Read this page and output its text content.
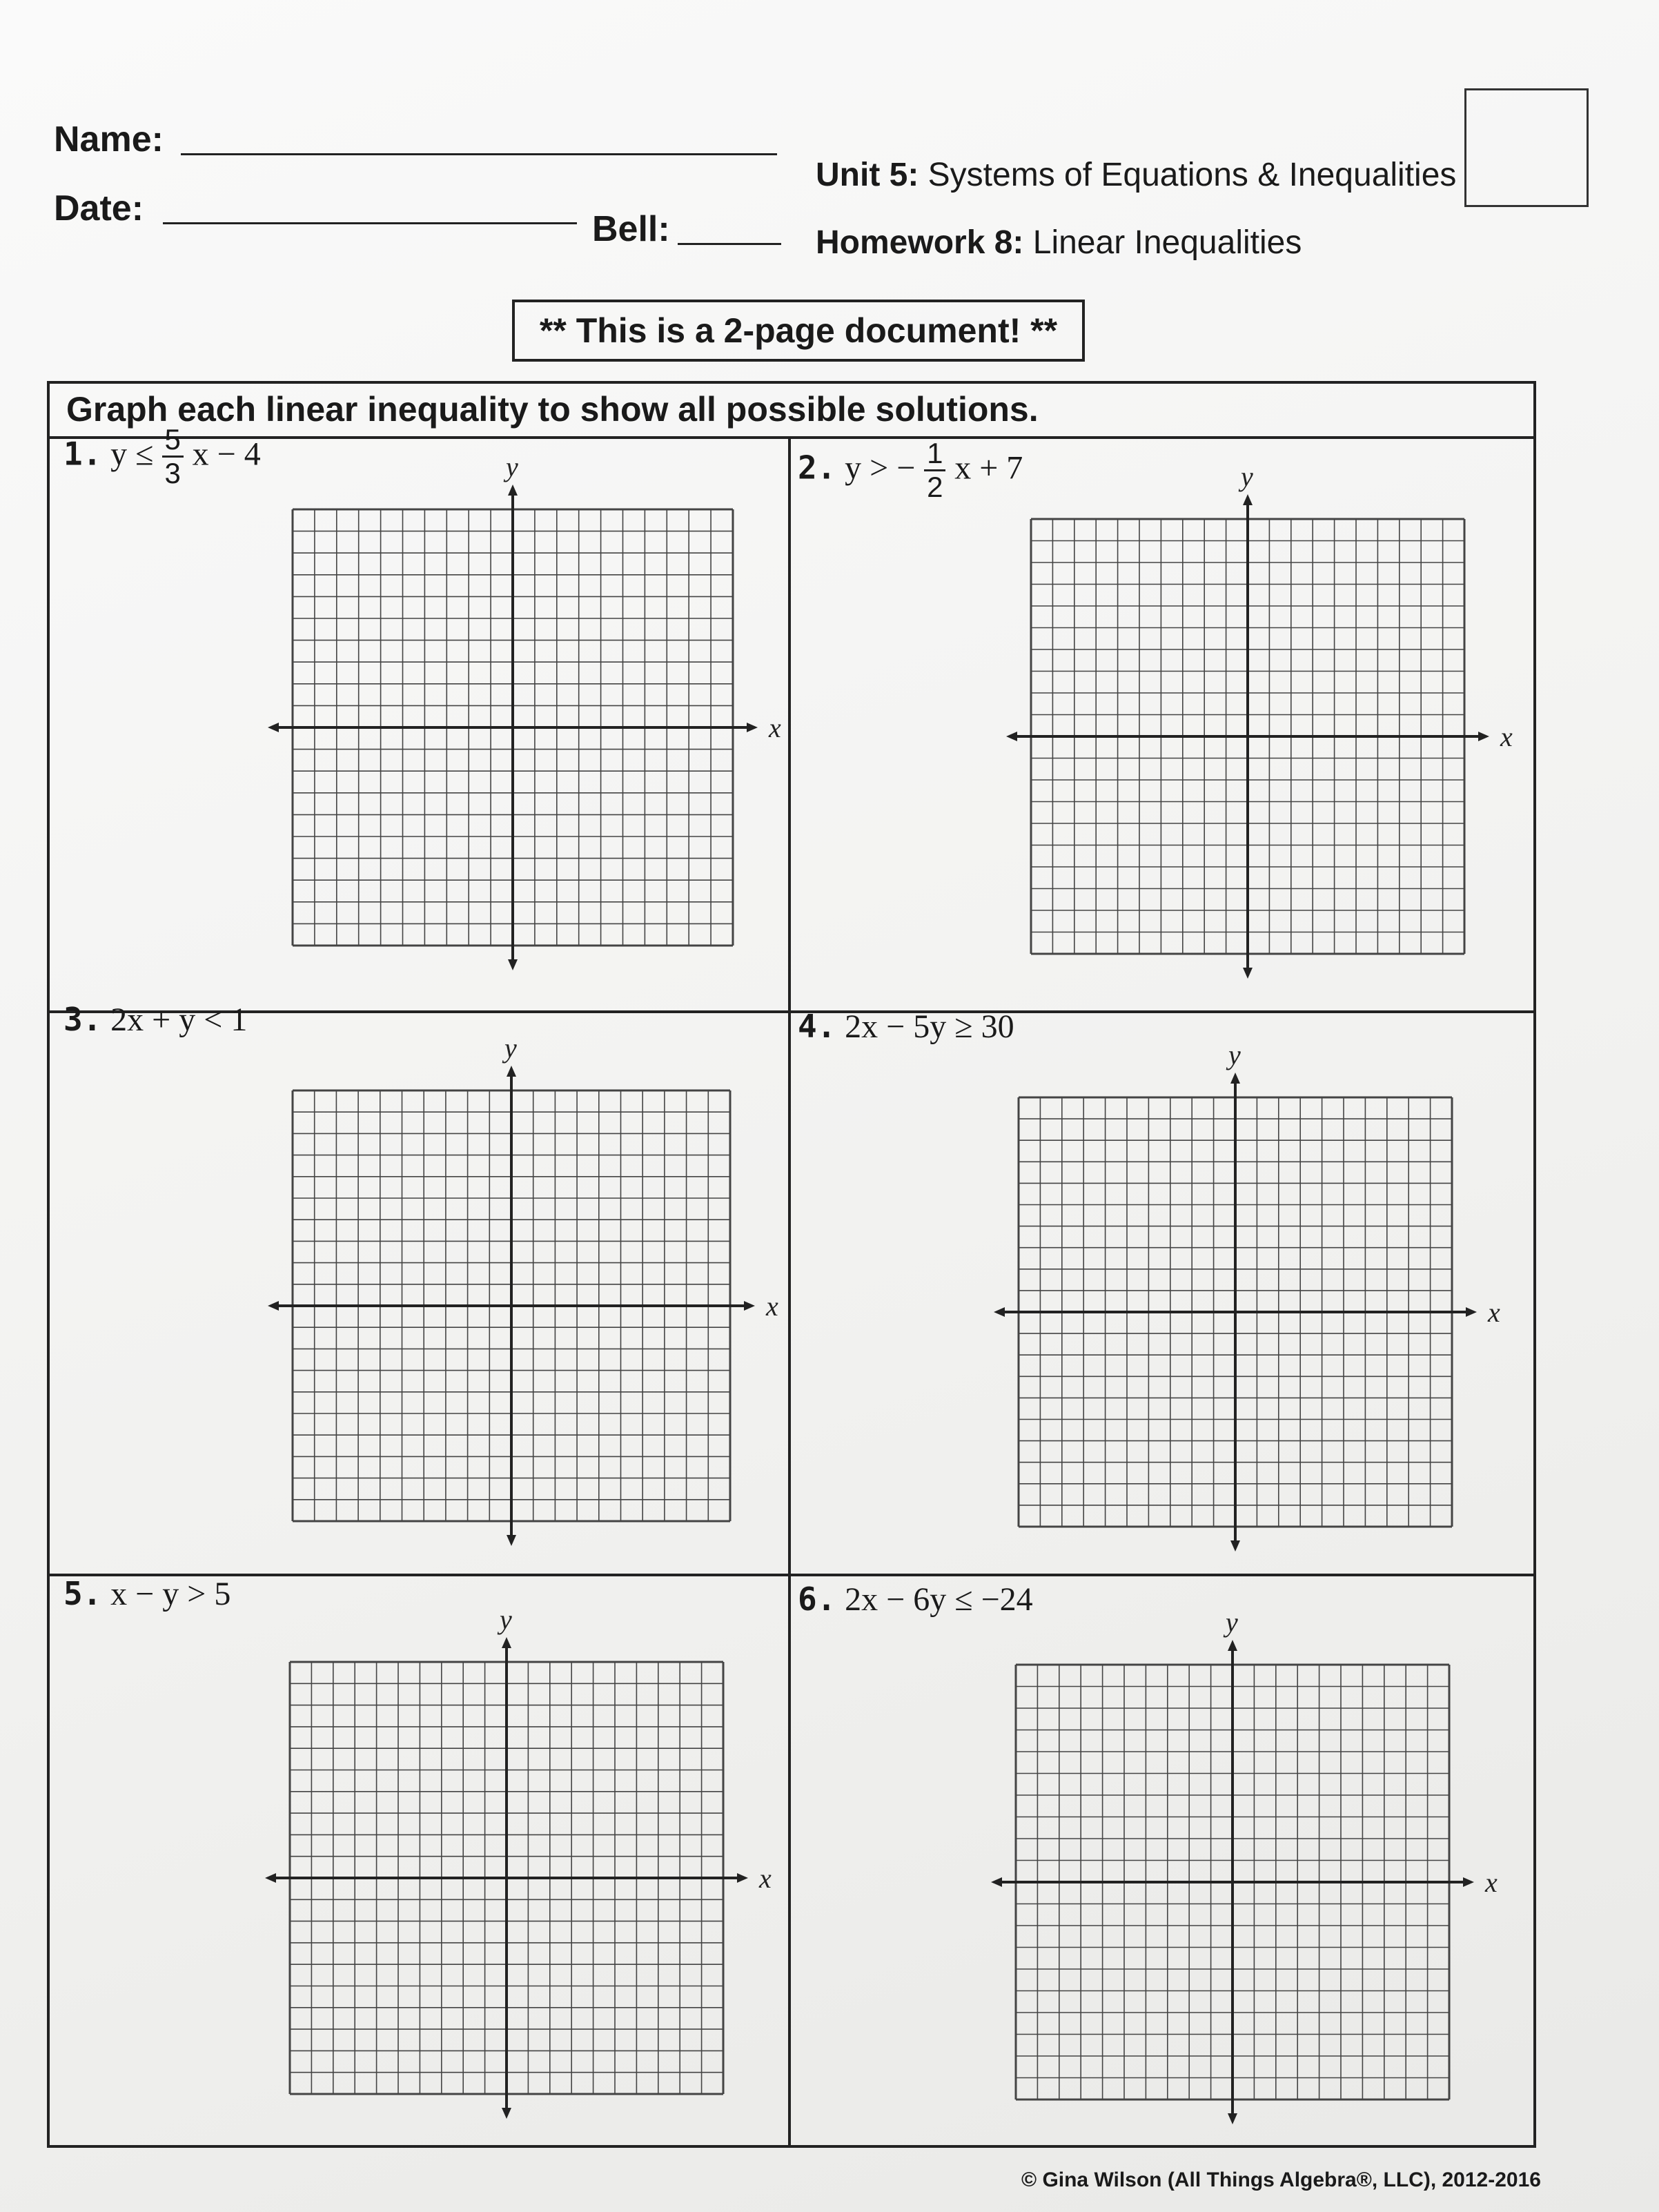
Name:
Date:
Bell:
Unit 5: Systems of Equations & Inequalities
Homework 8: Linear Inequalities
** This is a 2-page document! **
Graph each linear inequality to show all possible solutions.
1. $y \le \frac{5}{3}$ x − 4	2. y > − $\frac{1}{2}$ x + 7
3. 2x + y < 1	4. 2x − 5y ≥ 30
5. x − y > 5	6. 2x − 6y ≤ −24
x
y
x
y
x
y
x
y
x
y
x
y
© Gina Wilson (All Things Algebra®, LLC), 2012-2016
